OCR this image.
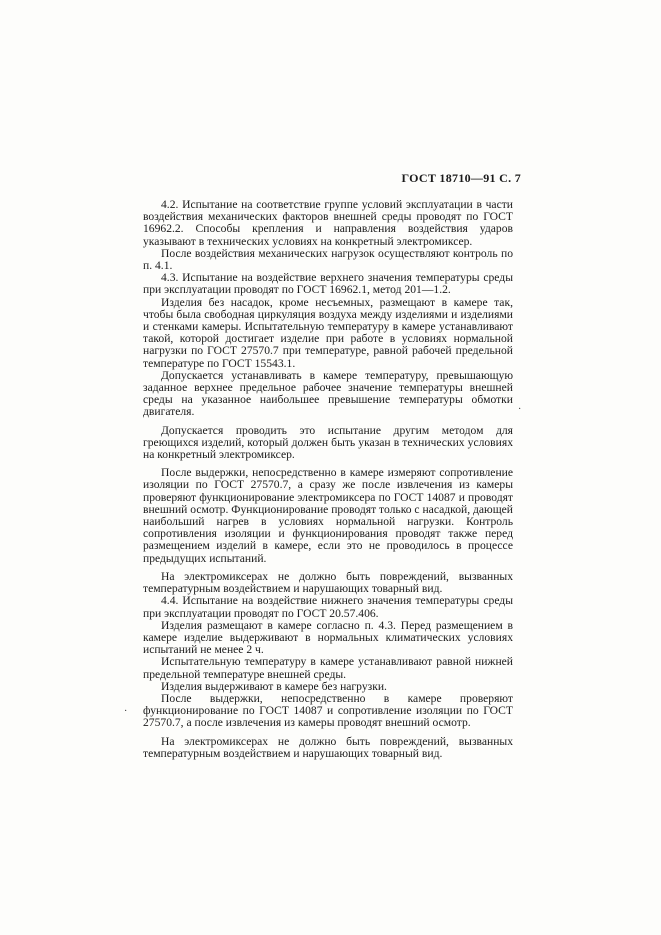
ГОСТ 18710—91 С. 7

4.2. Испытание на соответствие группе условий эксплуатации в части воздействия механических факторов внешней среды проводят по ГОСТ 16962.2. Способы крепления и направления воздействия ударов указывают в технических условиях на конкретный электромиксер.

После воздействия механических нагрузок осуществляют контроль по п. 4.1.

4.3. Испытание на воздействие верхнего значения температуры среды при эксплуатации проводят по ГОСТ 16962.1, метод 201—1.2.

Изделия без насадок, кроме несъемных, размещают в камере так, чтобы была свободная циркуляция воздуха между изделиями и изделиями и стенками камеры. Испытательную температуру в камере устанавливают такой, которой достигает изделие при работе в условиях нормальной нагрузки по ГОСТ 27570.7 при температуре, равной рабочей предельной температуре по ГОСТ 15543.1.

Допускается устанавливать в камере температуру, превышающую заданное верхнее предельное рабочее значение температуры внешней среды на указанное наибольшее превышение температуры обмотки двигателя.

Допускается проводить это испытание другим методом для греющихся изделий, который должен быть указан в технических условиях на конкретный электромиксер.

После выдержки, непосредственно в камере измеряют сопротивление изоляции по ГОСТ 27570.7, а сразу же после извлечения из камеры проверяют функционирование электромиксера по ГОСТ 14087 и проводят внешний осмотр. Функционирование проводят только с насадкой, дающей наибольший нагрев в условиях нормальной нагрузки. Контроль сопротивления изоляции и функционирования проводят также перед размещением изделий в камере, если это не проводилось в процессе предыдущих испытаний.

На электромиксерах не должно быть повреждений, вызванных температурным воздействием и нарушающих товарный вид.

4.4. Испытание на воздействие нижнего значения температуры среды при эксплуатации проводят по ГОСТ 20.57.406.

Изделия размещают в камере согласно п. 4.3. Перед размещением в камере изделие выдерживают в нормальных климатических условиях испытаний не менее 2 ч.

Испытательную температуру в камере устанавливают равной нижней предельной температуре внешней среды.

Изделия выдерживают в камере без нагрузки.

После выдержки, непосредственно в камере проверяют функционирование по ГОСТ 14087 и сопротивление изоляции по ГОСТ 27570.7, а после извлечения из камеры проводят внешний осмотр.

На электромиксерах не должно быть повреждений, вызванных температурным воздействием и нарушающих товарный вид.

·
·
